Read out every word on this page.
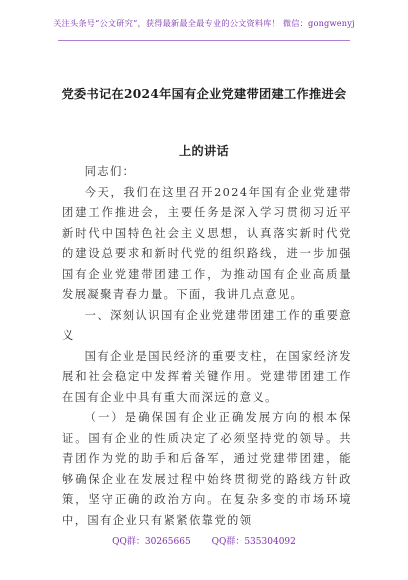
关注头条号“公文研究”，获得最新最全最专业的公文资料库！ 微信：gongwenyj
党委书记在2024年国有企业党建带团建工作推进会上的讲话

同志们：

今天，我们在这里召开2024年国有企业党建带团建工作推进会，主要任务是深入学习贯彻习近平新时代中国特色社会主义思想，认真落实新时代党的建设总要求和新时代党的组织路线，进一步加强国有企业党建带团建工作，为推动国有企业高质量发展凝聚青春力量。下面，我讲几点意见。

一、深刻认识国有企业党建带团建工作的重要意义

国有企业是国民经济的重要支柱，在国家经济发展和社会稳定中发挥着关键作用。党建带团建工作在国有企业中具有重大而深远的意义。

（一）是确保国有企业正确发展方向的根本保证。国有企业的性质决定了必须坚持党的领导。共青团作为党的助手和后备军，通过党建带团建，能够确保企业在发展过程中始终贯彻党的路线方针政策，坚守正确的政治方向。在复杂多变的市场环境中，国有企业只有紧紧依靠党的领

QQ群：30265665 QQ群：535304092
